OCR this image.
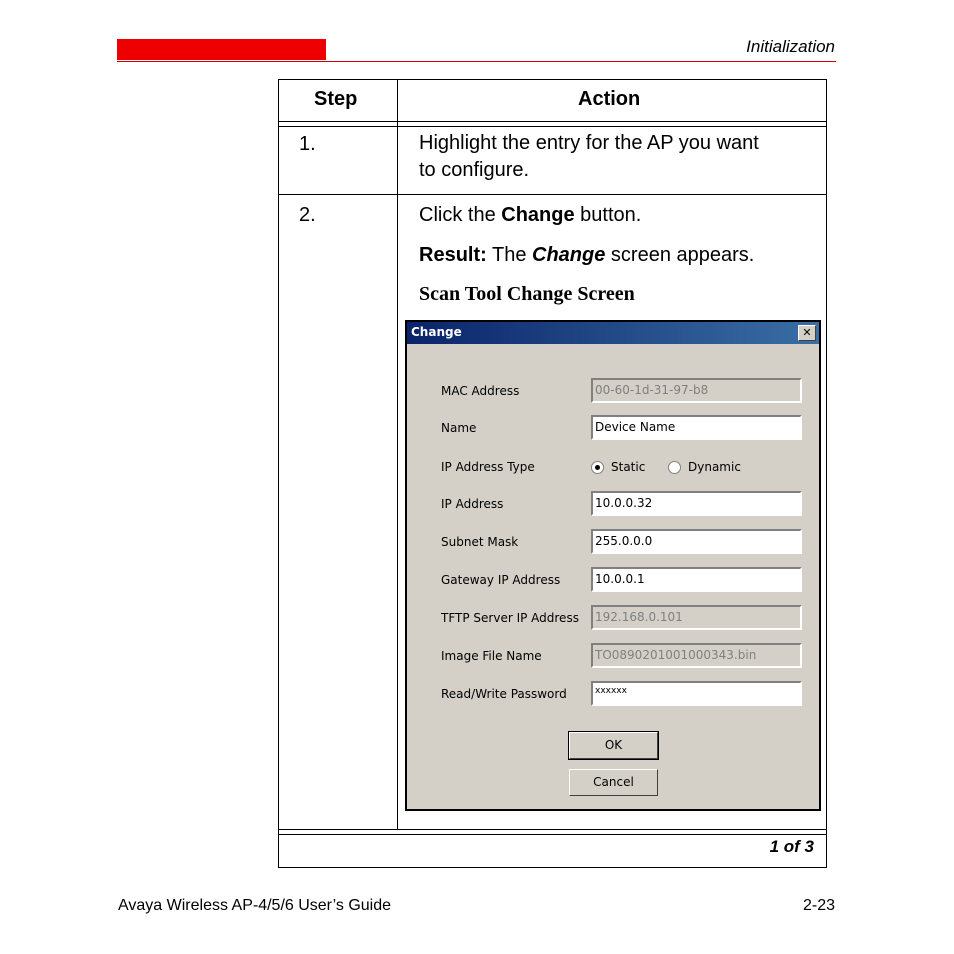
Initialization
Step	Action
1.	Highlight the entry for the AP you want
to configure.
2.	Click the Change button.
Result: The Change screen appears.
Scan Tool Change Screen
Change	✕
MAC Address	00-60-1d-31-97-b8
Name	Device Name
IP Address Type	Static	Dynamic
IP Address	10.0.0.32
Subnet Mask	255.0.0.0
Gateway IP Address	10.0.0.1
TFTP Server IP Address	192.168.0.101
Image File Name	TO0890201001000343.bin
Read/Write Password	xxxxxx
OK
Cancel
1 of 3
Avaya Wireless AP-4/5/6 User’s Guide	2-23
